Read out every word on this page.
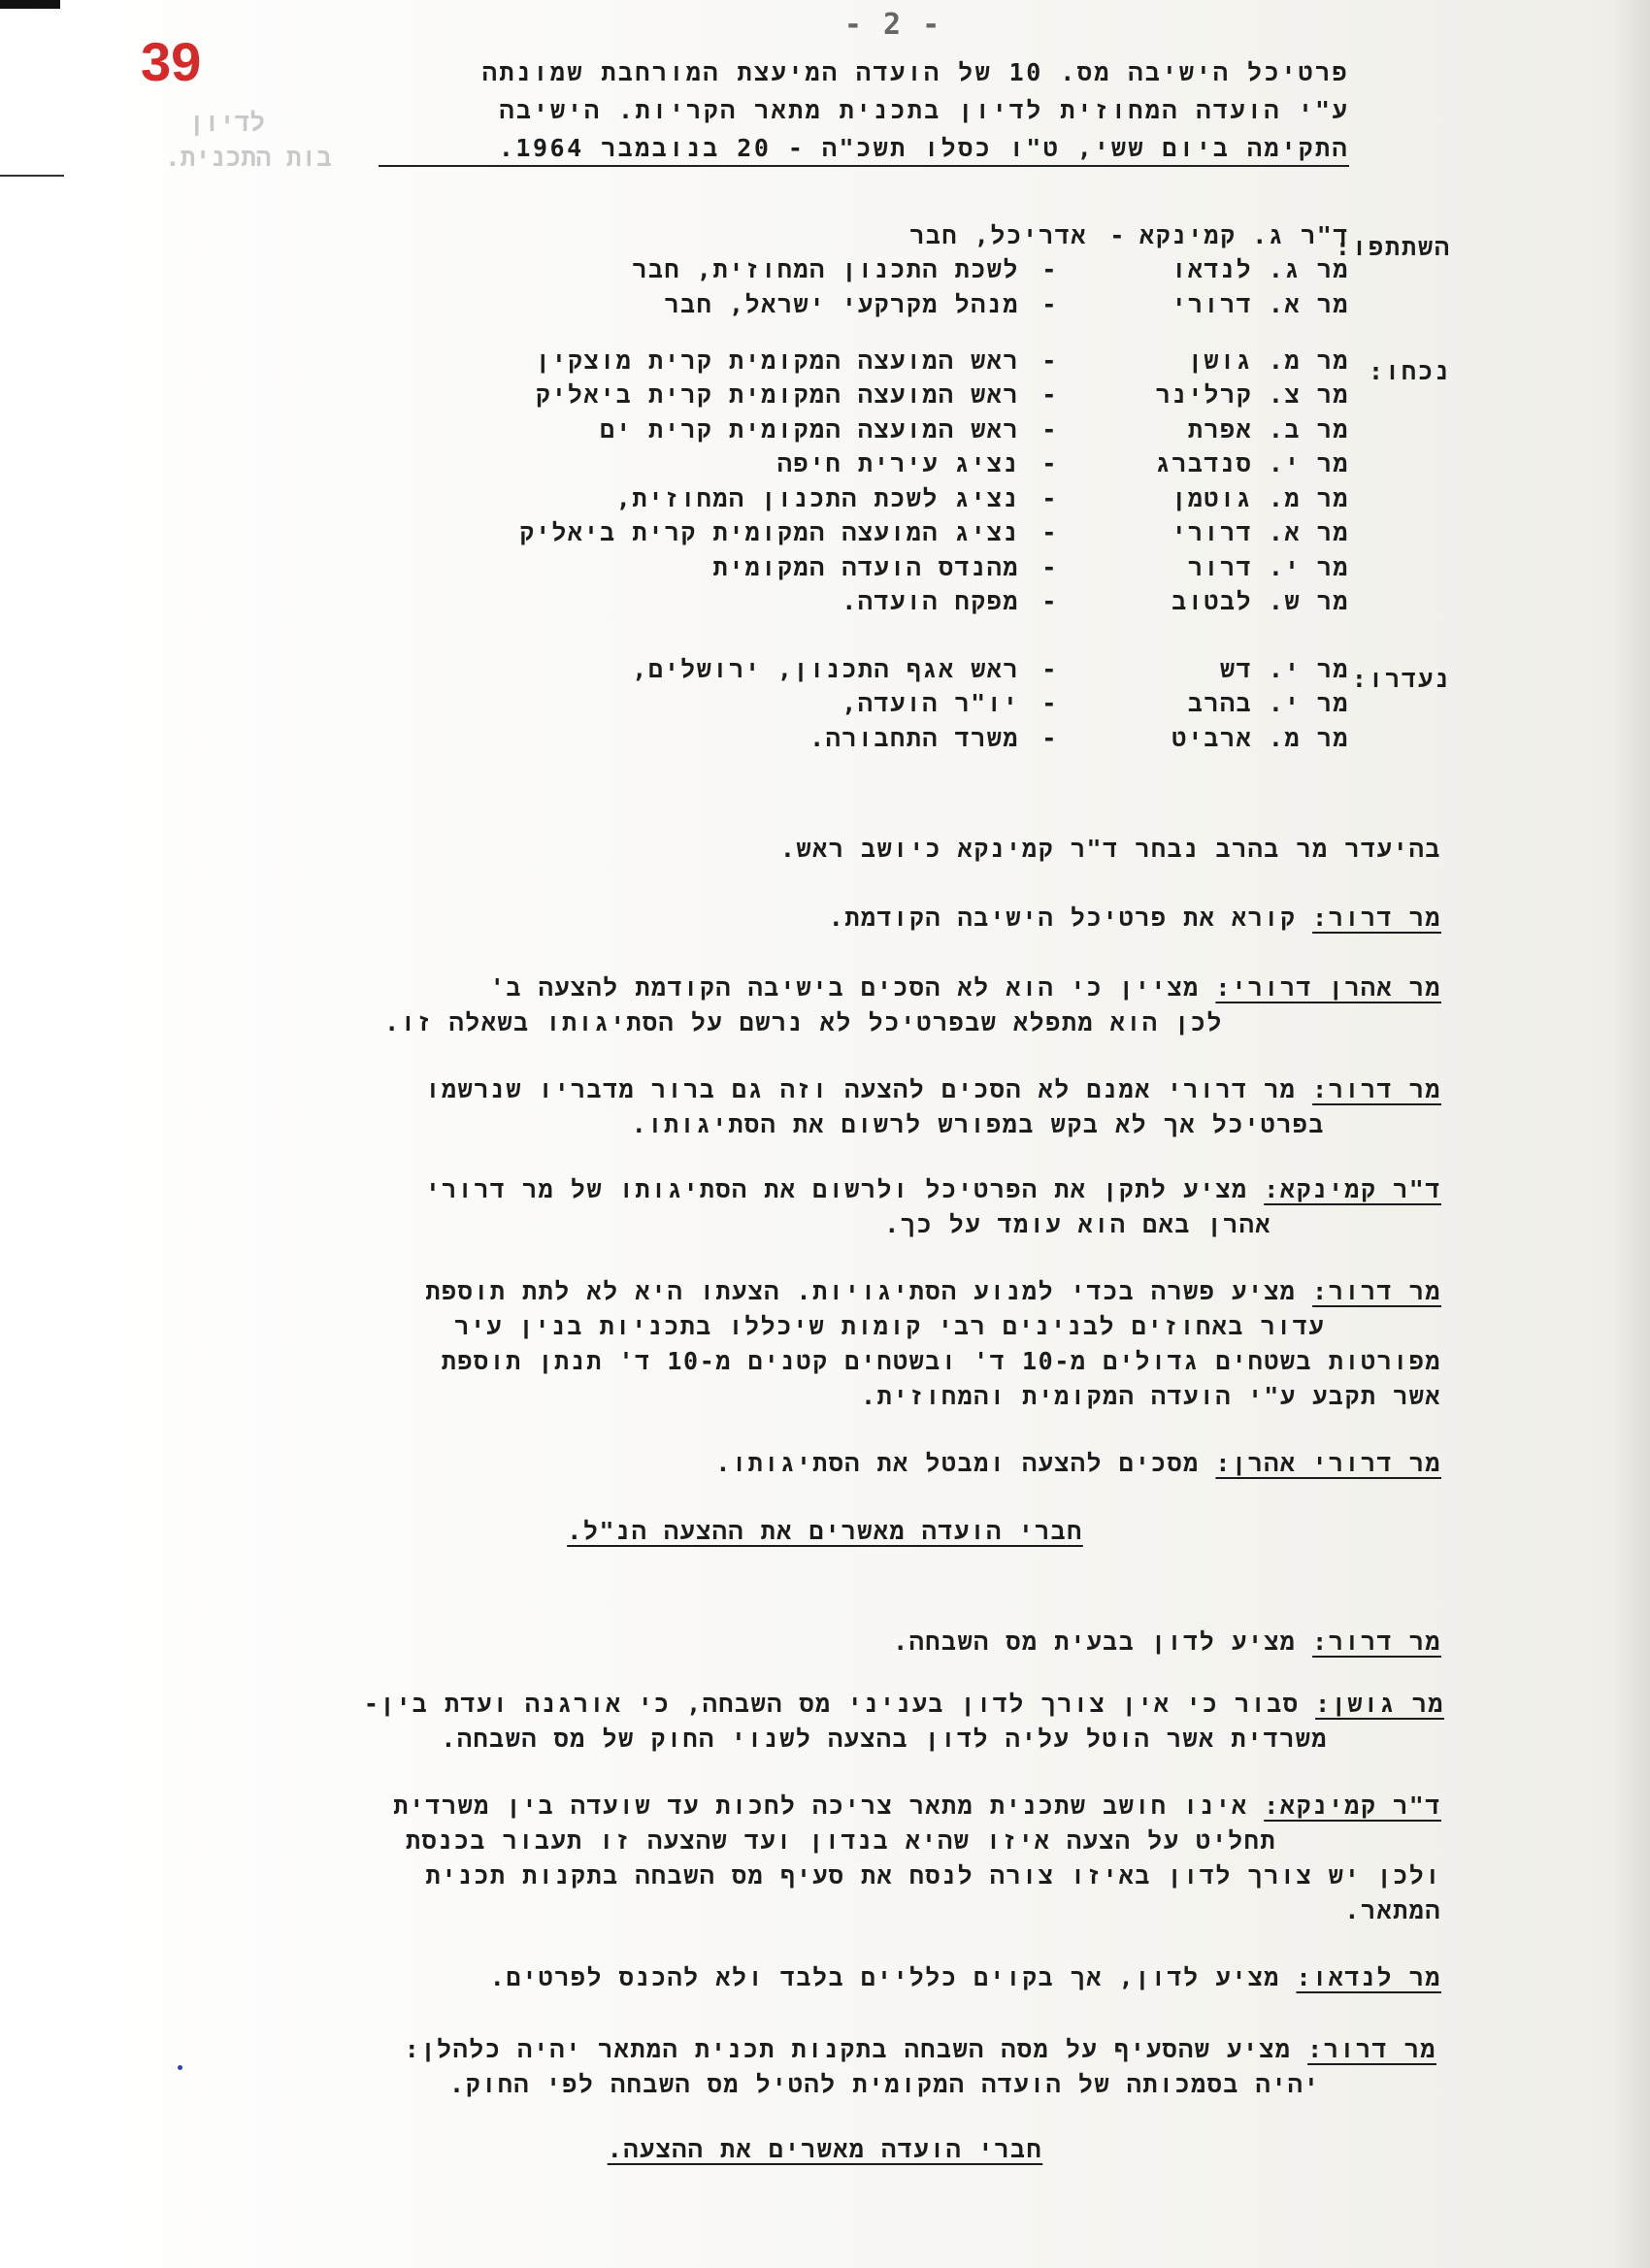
39
- 2 -
לדיון
בות התכנית.
פרטיכל הישיבה מס. 10 של הועדה המיעצת המורחבת שמונתה
ע"י הועדה המחוזית לדיון בתכנית מתאר הקריות. הישיבה
התקימה ביום ששי, ט"ו כסלו תשכ"ה - 20 בנובמבר 1964.
השתתפו:
ד"ר ג. קמינקא
-
אדריכל, חבר
מר ג. לנדאו
-
לשכת התכנון המחוזית, חבר
מר א. דרורי
-
מנהל מקרקעי ישראל, חבר
נכחו:
מר מ. גושן
-
ראש המועצה המקומית קרית מוצקין
מר צ. קרלינר
-
ראש המועצה המקומית קרית ביאליק
מר ב. אפרת
-
ראש המועצה המקומית קרית ים
מר י. סנדברג
-
נציג עירית חיפה
מר מ. גוטמן
-
נציג לשכת התכנון המחוזית,
מר א. דרורי
-
נציג המועצה המקומית קרית ביאליק
מר י. דרור
-
מהנדס הועדה המקומית
מר ש. לבטוב
-
מפקח הועדה.
נעדרו:
מר י. דש
-
ראש אגף התכנון, ירושלים,
מר י. בהרב
-
יו"ר הועדה,
מר מ. ארביט
-
משרד התחבורה.
בהיעדר מר בהרב נבחר ד"ר קמינקא כיושב ראש.
מר דרור: קורא את פרטיכל הישיבה הקודמת.
מר אהרן דרורי: מציין כי הוא לא הסכים בישיבה הקודמת להצעה ב'
לכן הוא מתפלא שבפרטיכל לא נרשם על הסתיגותו בשאלה זו.
מר דרור: מר דרורי אמנם לא הסכים להצעה וזה גם ברור מדבריו שנרשמו
בפרטיכל אך לא בקש במפורש לרשום את הסתיגותו.
ד"ר קמינקא: מציע לתקן את הפרטיכל ולרשום את הסתיגותו של מר דרורי
אהרן באם הוא עומד על כך.
מר דרור: מציע פשרה בכדי למנוע הסתיגויות. הצעתו היא לא לתת תוספת
עדור באחוזים לבנינים רבי קומות שיכללו בתכניות בנין עיר
מפורטות בשטחים גדולים מ-10 ד' ובשטחים קטנים מ-10 ד' תנתן תוספת
אשר תקבע ע"י הועדה המקומית והמחוזית.
מר דרורי אהרן: מסכים להצעה ומבטל את הסתיגותו.
חברי הועדה מאשרים את ההצעה הנ"ל.
מר דרור: מציע לדון בבעית מס השבחה.
מר גושן: סבור כי אין צורך לדון בעניני מס השבחה, כי אורגנה ועדת בין-
משרדית אשר הוטל עליה לדון בהצעה לשנוי החוק של מס השבחה.
ד"ר קמינקא: אינו חושב שתכנית מתאר צריכה לחכות עד שועדה בין משרדית
תחליט על הצעה איזו שהיא בנדון ועד שהצעה זו תעבור בכנסת
ולכן יש צורך לדון באיזו צורה לנסח את סעיף מס השבחה בתקנות תכנית
המתאר.
מר לנדאו: מציע לדון, אך בקוים כלליים בלבד ולא להכנס לפרטים.
מר דרור: מציע שהסעיף על מסה השבחה בתקנות תכנית המתאר יהיה כלהלן:
יהיה בסמכותה של הועדה המקומית להטיל מס השבחה לפי החוק.
חברי הועדה מאשרים את ההצעה.
